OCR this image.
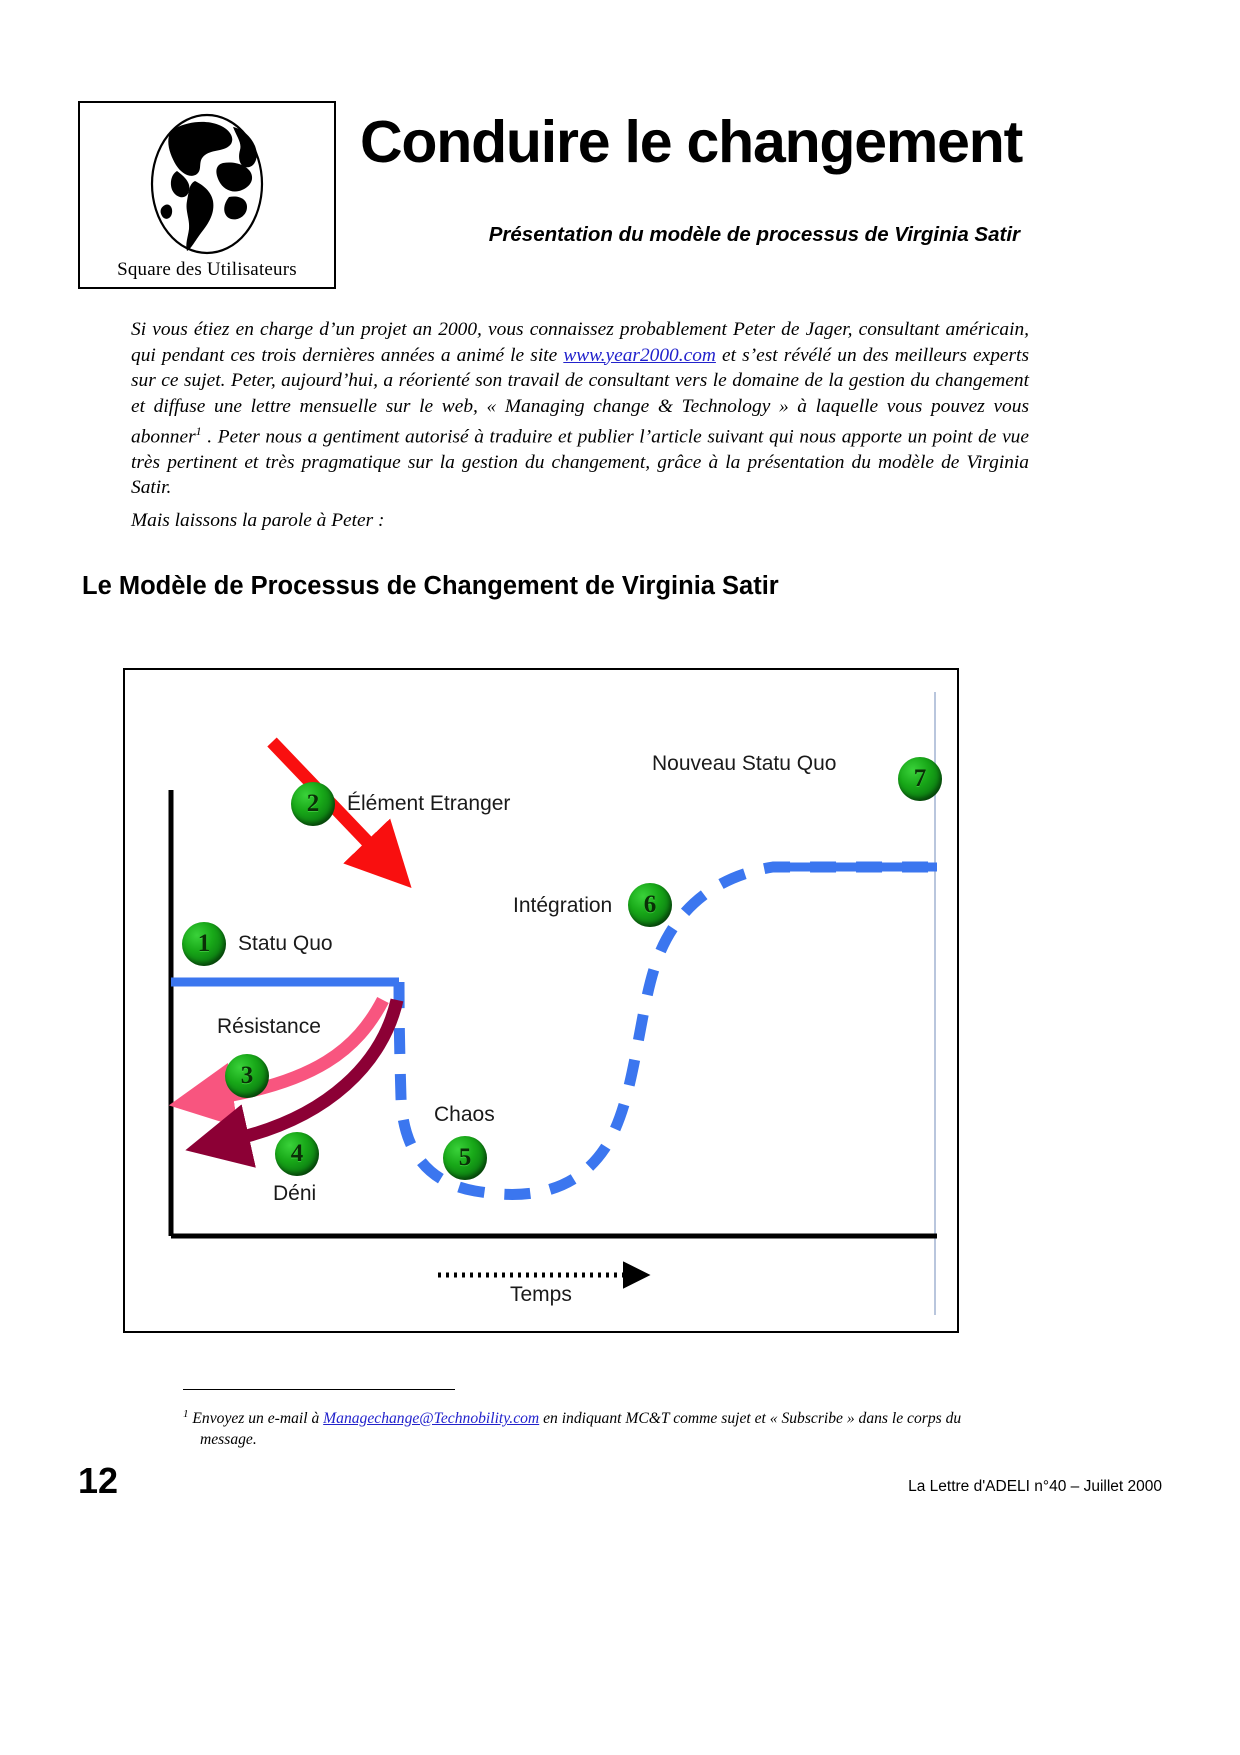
Square des Utilisateurs
Conduire le changement
Présentation du modèle de processus de Virginia Satir
Si vous étiez en charge d’un projet an 2000, vous connaissez probablement Peter de Jager, consultant américain, qui pendant ces trois dernières années a animé le site www.year2000.com et s’est révélé un des meilleurs experts sur ce sujet. Peter, aujourd’hui, a réorienté son travail de consultant vers le domaine de la gestion du changement et diffuse une lettre mensuelle sur le web, « Managing change & Technology » à laquelle vous pouvez vous abonner$^1$ . Peter nous a gentiment autorisé à traduire et publier l’article suivant qui nous apporte un point de vue très pertinent et très pragmatique sur la gestion du changement, grâce à la présentation du modèle de Virginia Satir.
Mais laissons la parole à Peter :
Le Modèle de Processus de Changement de Virginia Satir
Statu Quo
Élément Etranger
Résistance
Déni
Chaos
Intégration
Nouveau Statu Quo
Temps
1
2
3
4	5
6
7
$^1$ Envoyez un e-mail à Managechange@Technobility.com en indiquant MC&T comme sujet et « Subscribe » dans le corps du
message.
12	La Lettre d'ADELI n°40 – Juillet 2000
